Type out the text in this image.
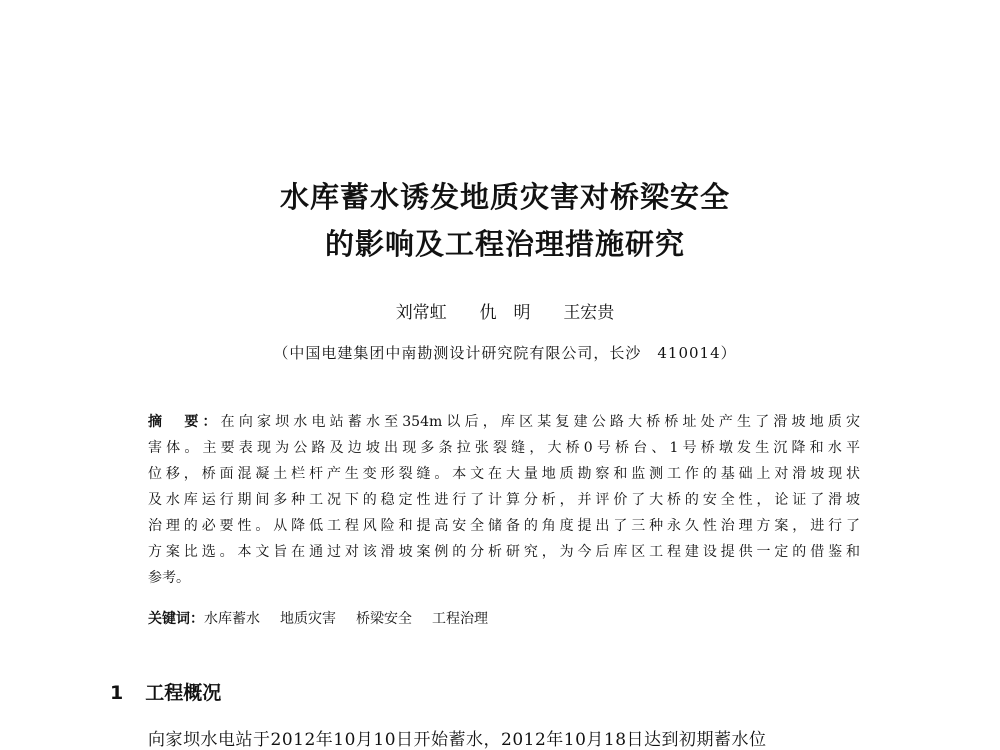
水库蓄水诱发地质灾害对桥梁安全
的影响及工程治理措施研究
刘常虹 仇　明 王宏贵
（中国电建集团中南勘测设计研究院有限公司，长沙　410014）
摘　要：在向家坝水电站蓄水至354m以后，库区某复建公路大桥桥址处产生了滑坡地质灾
害体。主要表现为公路及边坡出现多条拉张裂缝，大桥0号桥台、1号桥墩发生沉降和水平
位移，桥面混凝土栏杆产生变形裂缝。本文在大量地质勘察和监测工作的基础上对滑坡现状
及水库运行期间多种工况下的稳定性进行了计算分析，并评价了大桥的安全性，论证了滑坡
治理的必要性。从降低工程风险和提高安全储备的角度提出了三种永久性治理方案，进行了
方案比选。本文旨在通过对该滑坡案例的分析研究，为今后库区工程建设提供一定的借鉴和
参考。
关键词：水库蓄水 地质灾害 桥梁安全 工程治理
1 工程概况
向家坝水电站于2012年10月10日开始蓄水，2012年10月18日达到初期蓄水位
